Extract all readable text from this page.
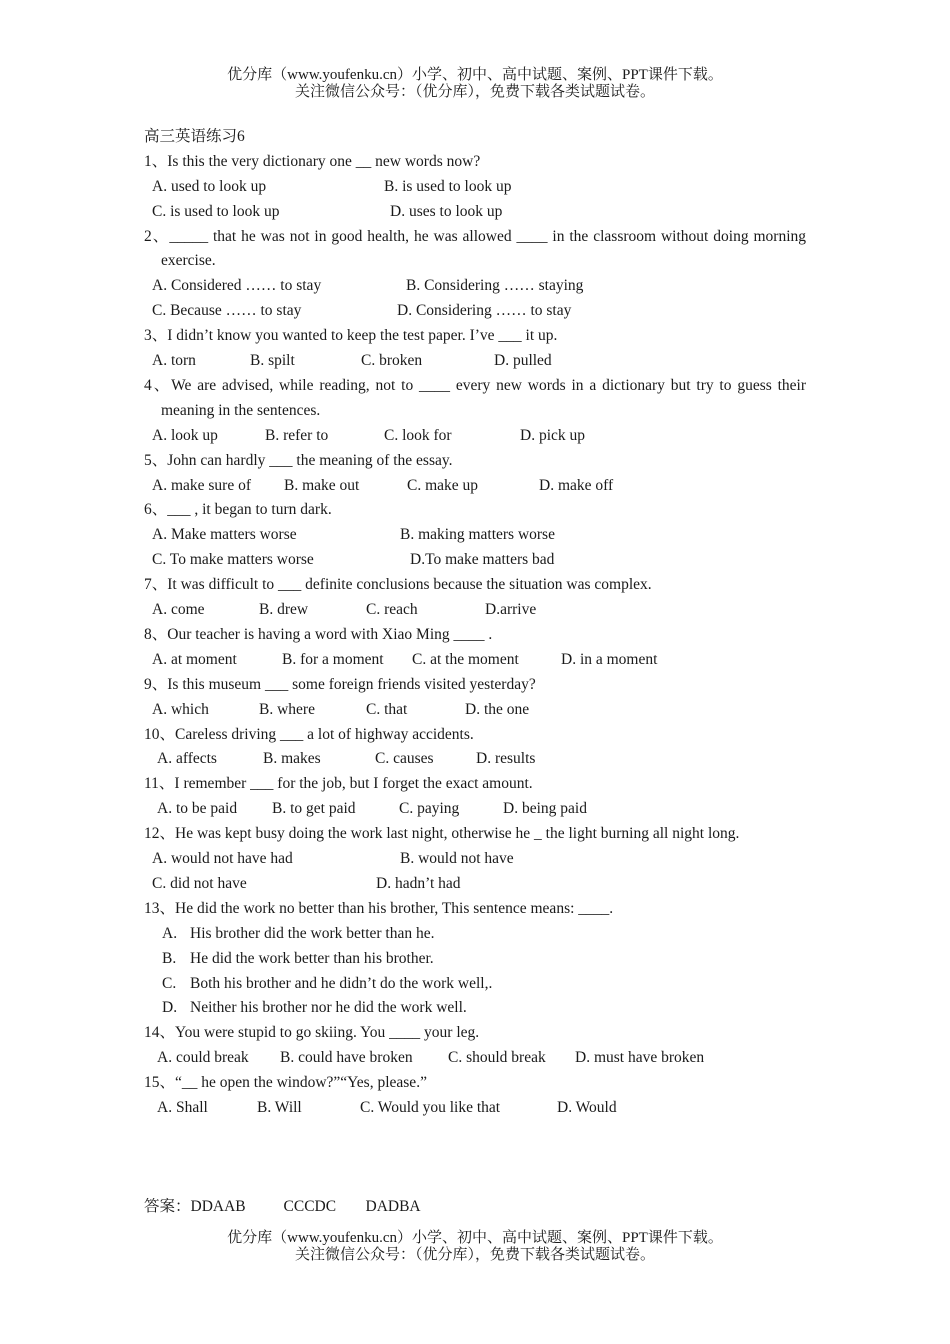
优分库（www.youfenku.cn）小学、初中、高中试题、案例、PPT课件下载。
关注微信公众号：（优分库），免费下载各类试题试卷。
高三英语练习6
1、Is this the very dictionary one __ new words now?
A. used to look up	B. is used to look up
C. is used to look up	D. uses to look up
2、_____ that he was not in good health, he was allowed ____ in the classroom without doing morning exercise.
A. Considered …… to stay	B. Considering …… staying
C. Because …… to stay	D. Considering …… to stay
3、I didn’t know you wanted to keep the test paper. I’ve ___ it up.
A. torn	B. spilt	C. broken	D. pulled
4、We are advised, while reading, not to ____ every new words in a dictionary but try to guess their meaning in the sentences.
A. look up	B. refer to	C. look for	D. pick up
5、John can hardly ___ the meaning of the essay.
A. make sure of B. make out	C. make up	D. make off
6、___ , it began to turn dark.
A. Make matters worse	B. making matters worse
C. To make matters worse	D.To make matters bad
7、It was difficult to ___ definite conclusions because the situation was complex.
A. come	B. drew	C. reach	D.arrive
8、Our teacher is having a word with Xiao Ming ____ .
A. at moment	B. for a moment C. at the moment	D. in a moment
9、Is this museum ___ some foreign friends visited yesterday?
A. which	B. where	C. that	D. the one
10、Careless driving ___ a lot of highway accidents.
A. affects	B. makes	C. causes	D. results
11、I remember ___ for the job, but I forget the exact amount.
A. to be paid B. to get paid	C. paying	D. being paid
12、He was kept busy doing the work last night, otherwise he _ the light burning all night long.
A. would not have had	B. would not have
C. did not have	D. hadn’t had
13、He did the work no better than his brother, This sentence means: ____.
A. His brother did the work better than he.
B. He did the work better than his brother.
C. Both his brother and he didn’t do the work well,.
D. Neither his brother nor he did the work well.
14、You were stupid to go skiing. You ____ your leg.
A. could break B. could have broken C. should break D. must have broken
15、“__ he open the window?”“Yes, please.”
A. Shall	B. Will	C. Would you like that	D. Would
答案：DDAAB CCCDC DADBA
优分库（www.youfenku.cn）小学、初中、高中试题、案例、PPT课件下载。
关注微信公众号：（优分库），免费下载各类试题试卷。
